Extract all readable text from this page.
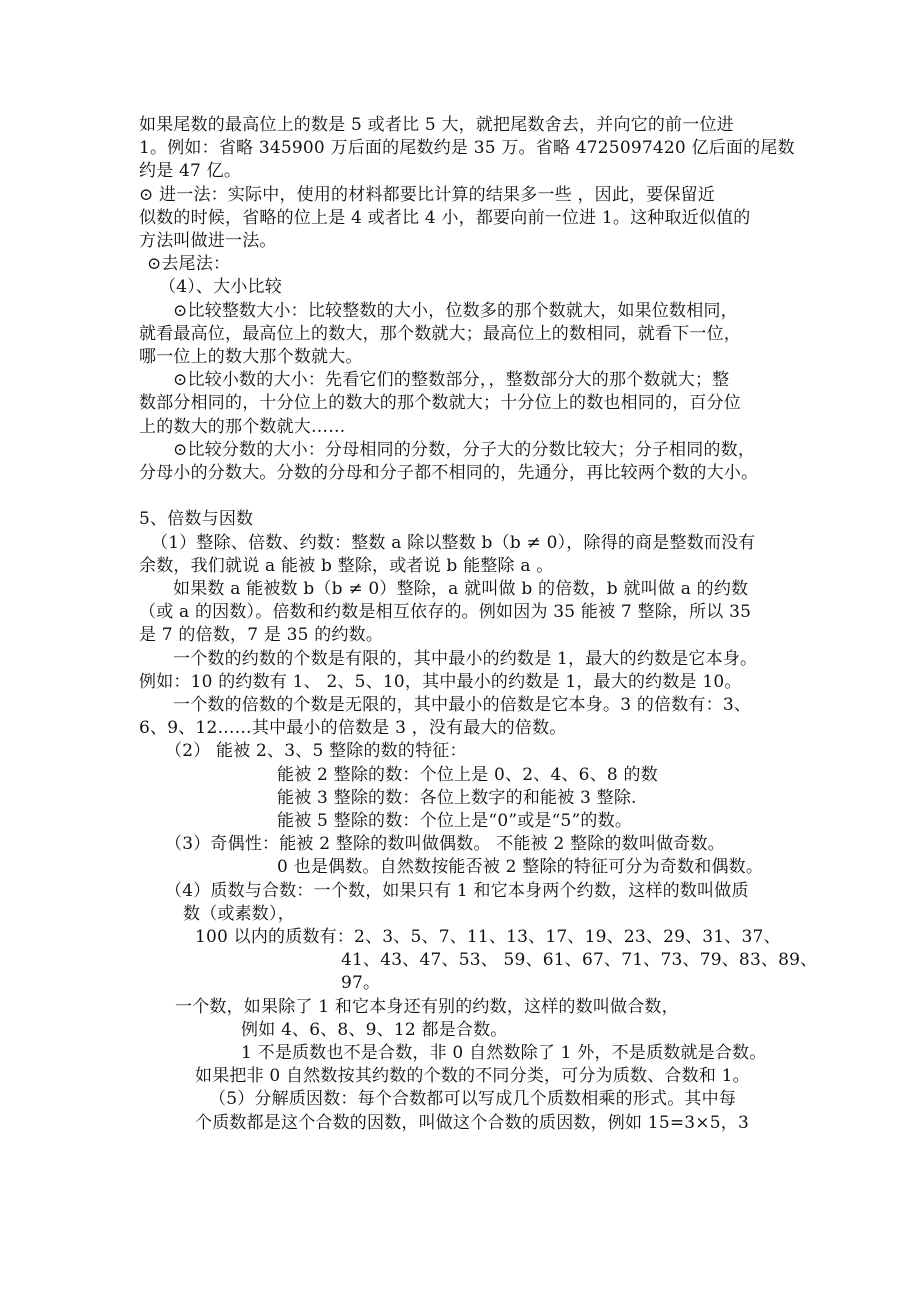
如果尾数的最高位上的数是 5 或者比 5 大，就把尾数舍去，并向它的前一位进
1。例如：省略 345900 万后面的尾数约是 35 万。省略 4725097420 亿后面的尾数
约是 47 亿。
⊙ 进一法：实际中，使用的材料都要比计算的结果多一些 ，因此，要保留近
似数的时候，省略的位上是 4 或者比 4 小，都要向前一位进 1。这种取近似值的
方法叫做进一法。
⊙去尾法：
（4）、大小比较
⊙比较整数大小：比较整数的大小，位数多的那个数就大，如果位数相同，
就看最高位，最高位上的数大，那个数就大；最高位上的数相同，就看下一位，
哪一位上的数大那个数就大。
⊙比较小数的大小：先看它们的整数部分，，整数部分大的那个数就大；整
数部分相同的，十分位上的数大的那个数就大；十分位上的数也相同的，百分位
上的数大的那个数就大……
⊙比较分数的大小：分母相同的分数，分子大的分数比较大；分子相同的数，
分母小的分数大。分数的分母和分子都不相同的，先通分，再比较两个数的大小。
5、倍数与因数
（1）整除、倍数、约数：整数 a 除以整数 b（b ≠ 0），除得的商是整数而没有
余数，我们就说 a 能被 b 整除，或者说 b 能整除 a 。
如果数 a 能被数 b（b ≠ 0）整除，a 就叫做 b 的倍数，b 就叫做 a 的约数
（或 a 的因数）。倍数和约数是相互依存的。例如因为 35 能被 7 整除，所以 35
是 7 的倍数，7 是 35 的约数。
一个数的约数的个数是有限的，其中最小的约数是 1，最大的约数是它本身。
例如：10 的约数有 1、 2、5、10，其中最小的约数是 1，最大的约数是 10。
一个数的倍数的个数是无限的，其中最小的倍数是它本身。3 的倍数有：3、
6、9、12……其中最小的倍数是 3 ，没有最大的倍数。
（2） 能被 2、3、5 整除的数的特征：
能被 2 整除的数：个位上是 0、2、4、6、8 的数
能被 3 整除的数：各位上数字的和能被 3 整除.
能被 5 整除的数：个位上是“0”或是“5”的数。
（3）奇偶性：能被 2 整除的数叫做偶数。 不能被 2 整除的数叫做奇数。
0 也是偶数。自然数按能否被 2 整除的特征可分为奇数和偶数。
（4）质数与合数：一个数，如果只有 1 和它本身两个约数，这样的数叫做质
数（或素数），
100 以内的质数有：2、3、5、7、11、13、17、19、23、29、31、37、
41、43、47、53、 59、61、67、71、73、79、83、89、
97。
一个数，如果除了 1 和它本身还有别的约数，这样的数叫做合数，
例如 4、6、8、9、12 都是合数。
1 不是质数也不是合数，非 0 自然数除了 1 外，不是质数就是合数。
如果把非 0 自然数按其约数的个数的不同分类，可分为质数、合数和 1。
（5）分解质因数：每个合数都可以写成几个质数相乘的形式。其中每
个质数都是这个合数的因数，叫做这个合数的质因数，例如 15=3×5，3
